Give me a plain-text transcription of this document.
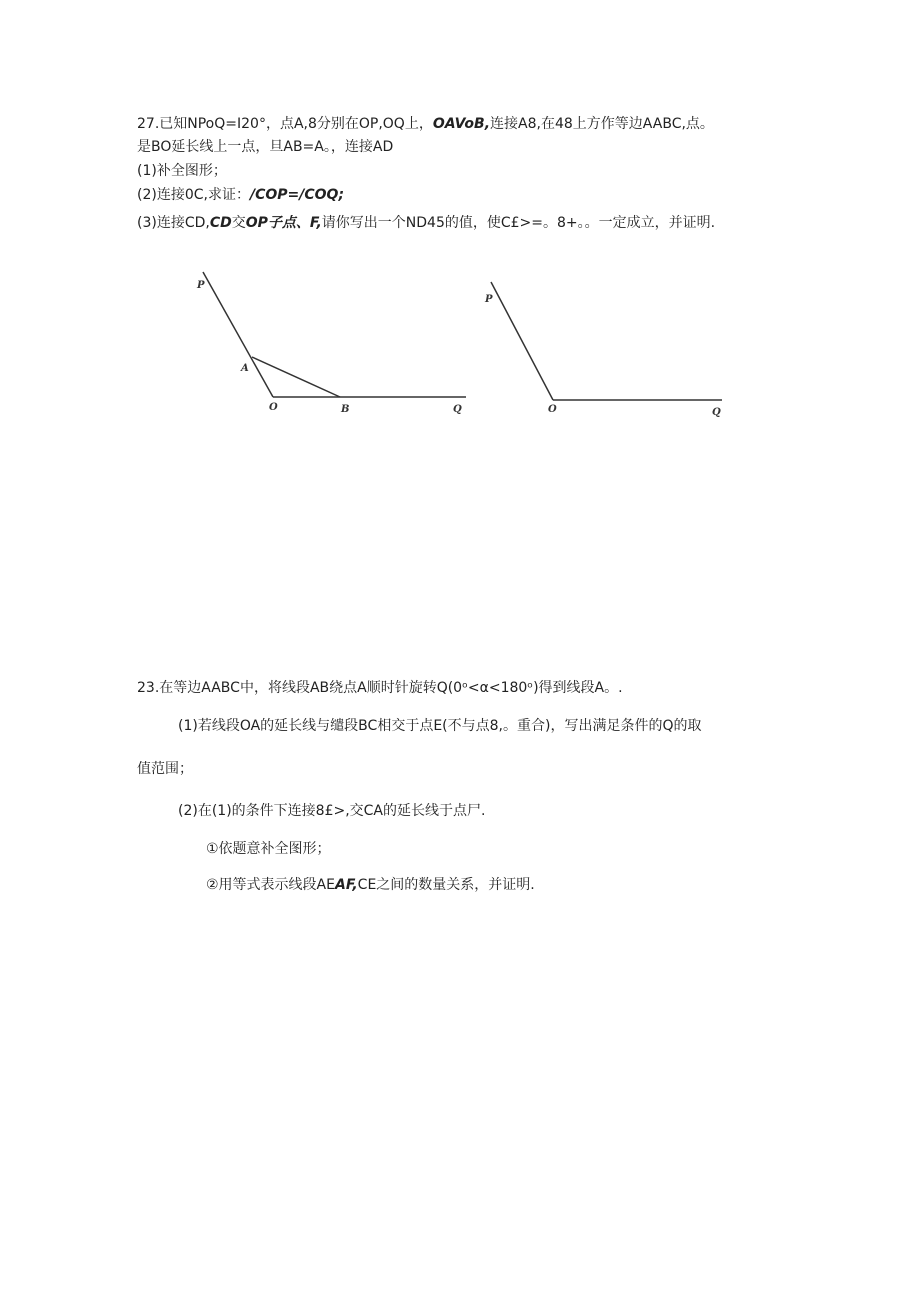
27.已知NPoQ=I20°，点A,8分别在OP,OQ上，OAVoB,连接A8,在48上方作等边AABC,点。
是BO延长线上一点，旦AB=A。，连接AD
(1)补全图形；
(2)连接0C,求证：/COP=/COQ;
(3)连接CD,CD交OP子点、F,请你写出一个ND45的值，使C£>=。8+。。一定成立，并证明.
P
A
O	B	Q
P
O	Q
23.在等边AABC中，将线段AB绕点A顺时针旋转Q(0ᵒ<α<180ᵒ)得到线段A。.
(1)若线段OA的延长线与缱段BC相交于点E(不与点8,。重合)，写出满足条件的Q的取
值范围；
(2)在(1)的条件下连接8£>,交CA的延长线于点尸.
①依题意补全图形；
②用等式表示线段AEAF,CE之间的数量关系，并证明.
